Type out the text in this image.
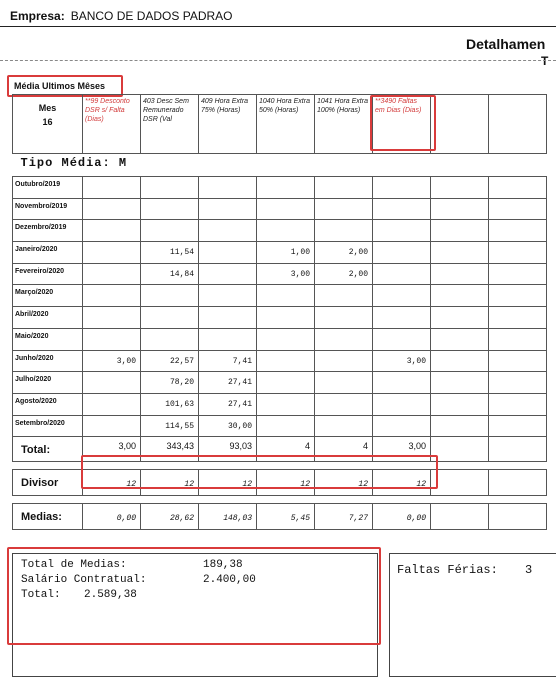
Empresa: BANCO DE DADOS PADRAO
Detalhamen
T
Média Ultimos Mêses
Mes
16	**99 Desconto DSR s/ Falta (Dias)	403 Desc Sem Remunerado DSR (Val	409 Hora Extra 75% (Horas)	1040 Hora Extra 50% (Horas)	1041 Hora Extra 100% (Horas)	**3490 Faltas em Dias (Dias)		
Tipo Média: M								
Outubro/2019								
Novembro/2019								
Dezembro/2019								
Janeiro/2020		11,54		1,00	2,00			
Fevereiro/2020		14,84		3,00	2,00			
Março/2020								
Abril/2020								
Maio/2020								
Junho/2020	3,00	22,57	7,41			3,00		
Julho/2020		78,20	27,41					
Agosto/2020		101,63	27,41					
Setembro/2020		114,55	30,00					
Total:	3,00	343,43	93,03	4	4	3,00		

Divisor	12	12	12	12	12	12		

Medias:	0,00	28,62	148,03	5,45	7,27	0,00		
Total de Medias:	189,38
Salário Contratual:	2.400,00
Total: 2.589,38
Faltas Férias: 3
